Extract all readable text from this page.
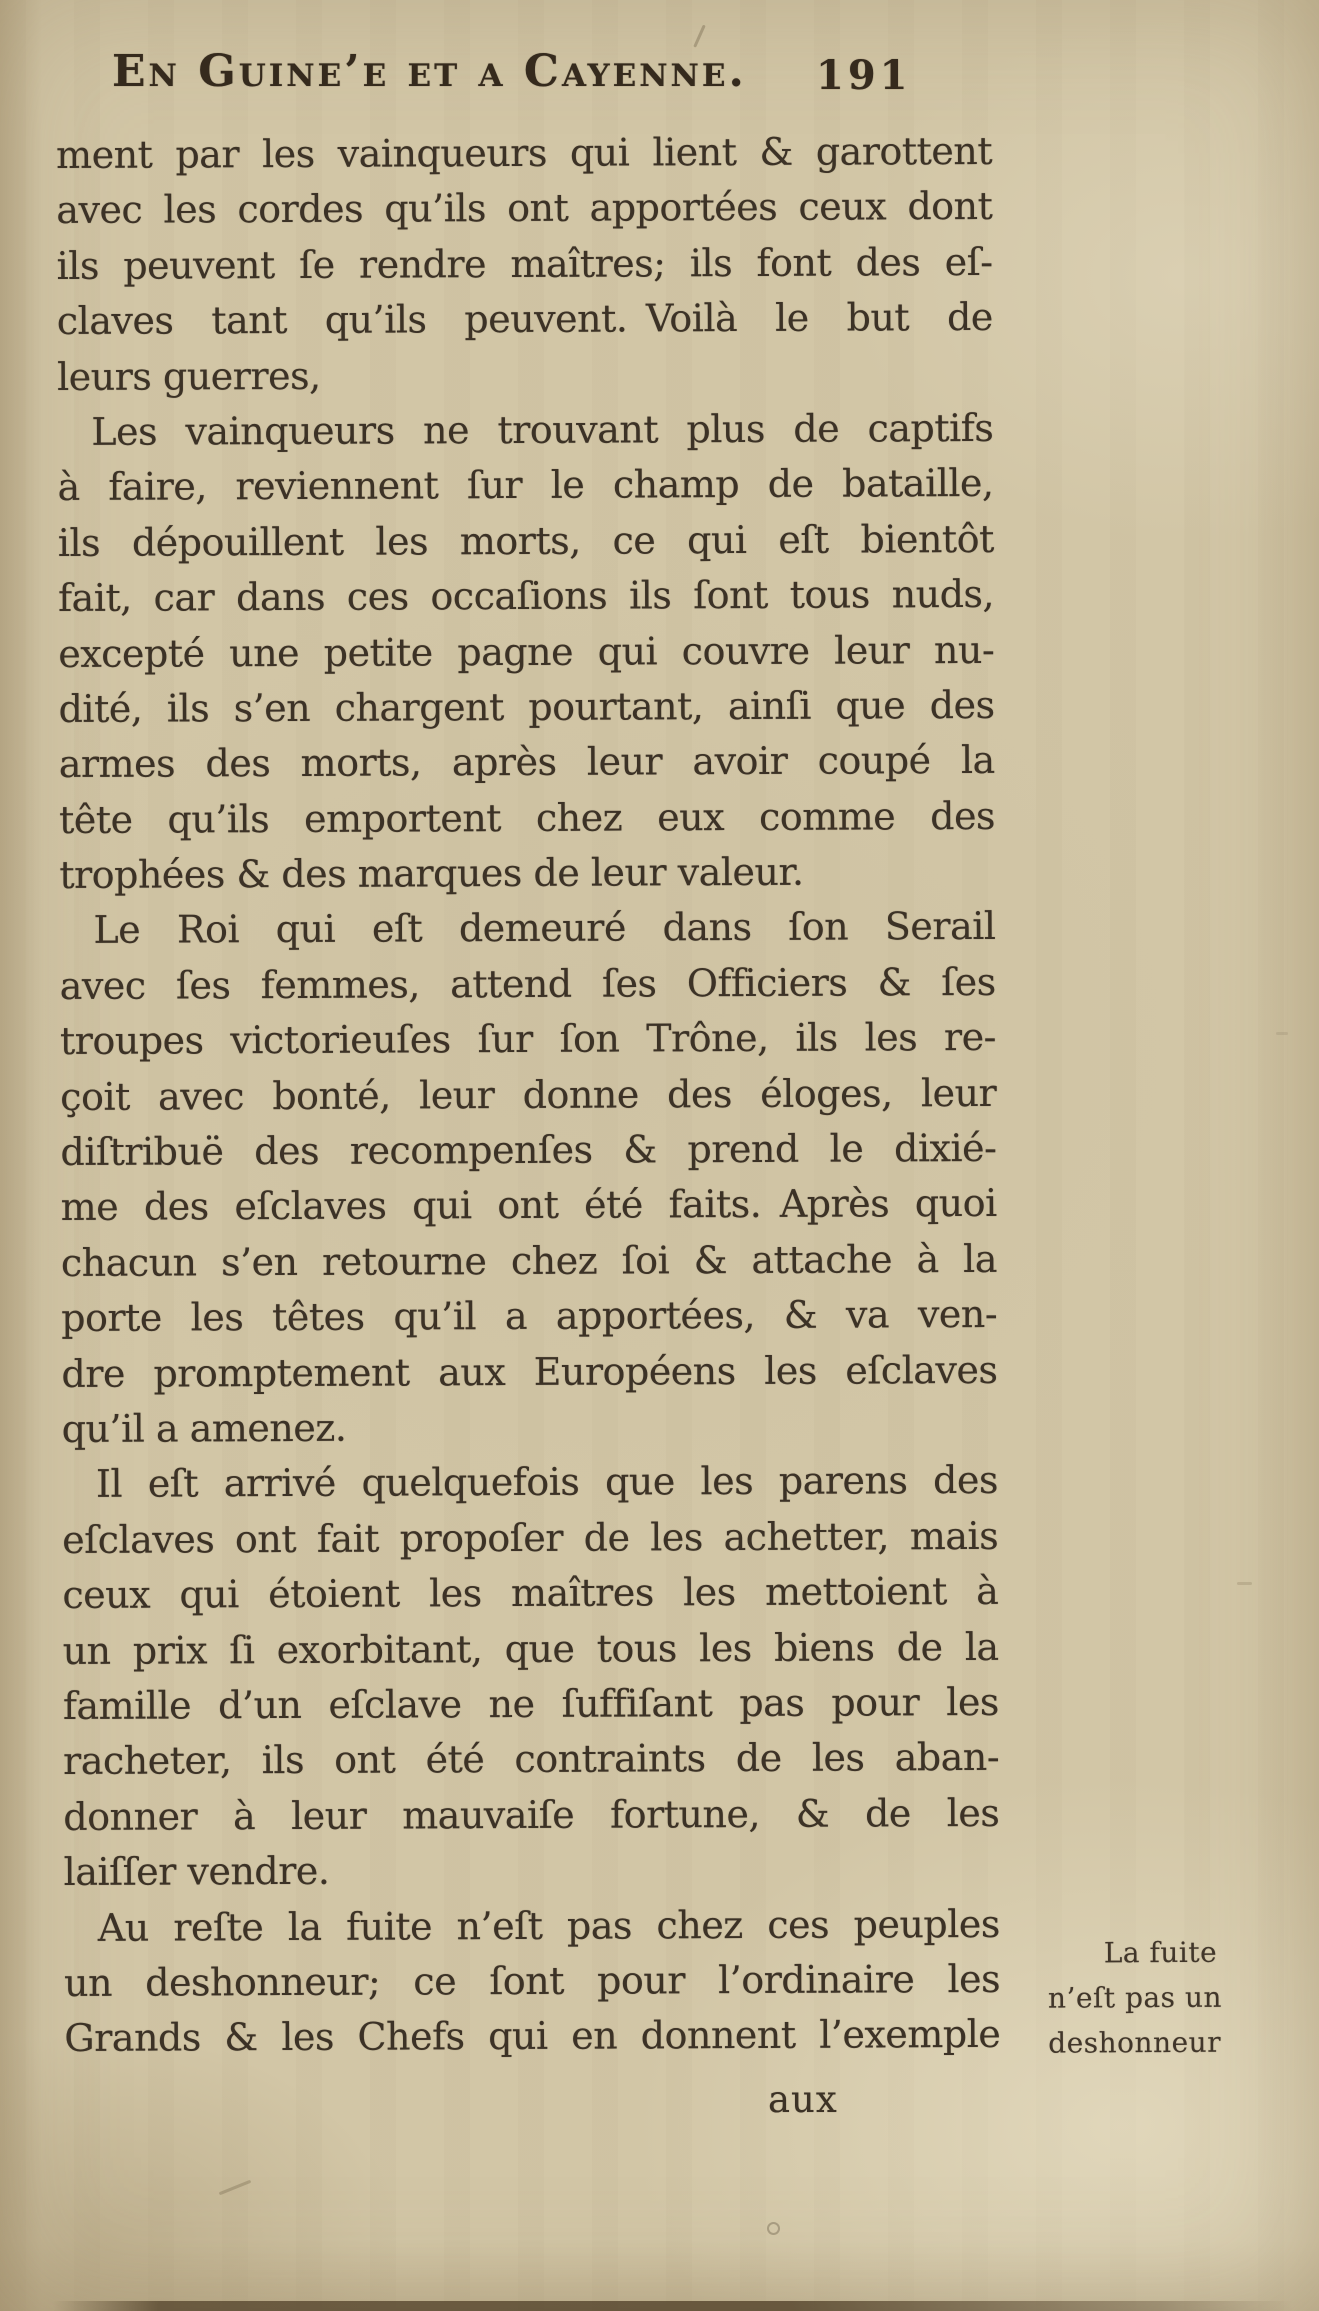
En Guine’e et a Cayenne. 191
ment par les vainqueurs qui lient & garottent
avec les cordes qu’ils ont apportées ceux dont
ils peuvent ſe rendre maîtres; ils font des eſ-
claves tant qu’ils peuvent. Voilà le but de
leurs guerres,
Les vainqueurs ne trouvant plus de captifs
à faire, reviennent ſur le champ de bataille,
ils dépouillent les morts, ce qui eſt bientôt
fait, car dans ces occaſions ils ſont tous nuds,
excepté une petite pagne qui couvre leur nu-
dité, ils s’en chargent pourtant, ainſi que des
armes des morts, après leur avoir coupé la
tête qu’ils emportent chez eux comme des
trophées & des marques de leur valeur.
Le Roi qui eſt demeuré dans ſon Serail
avec ſes femmes, attend ſes Officiers & ſes
troupes victorieuſes ſur ſon Trône, ils les re-
çoit avec bonté, leur donne des éloges, leur
diſtribuë des recompenſes & prend le dixié-
me des eſclaves qui ont été faits. Après quoi
chacun s’en retourne chez ſoi & attache à la
porte les têtes qu’il a apportées, & va ven-
dre promptement aux Européens les eſclaves
qu’il a amenez.
Il eſt arrivé quelquefois que les parens des
eſclaves ont fait propoſer de les achetter, mais
ceux qui étoient les maîtres les mettoient à
un prix ſi exorbitant, que tous les biens de la
famille d’un eſclave ne ſuffiſant pas pour les
racheter, ils ont été contraints de les aban-
donner à leur mauvaiſe fortune, & de les
laiſſer vendre.
Au reſte la fuite n’eſt pas chez ces peuples
un deshonneur; ce ſont pour l’ordinaire les
Grands & les Chefs qui en donnent l’exemple
La fuite
n’eſt pas un
deshonneur
aux
